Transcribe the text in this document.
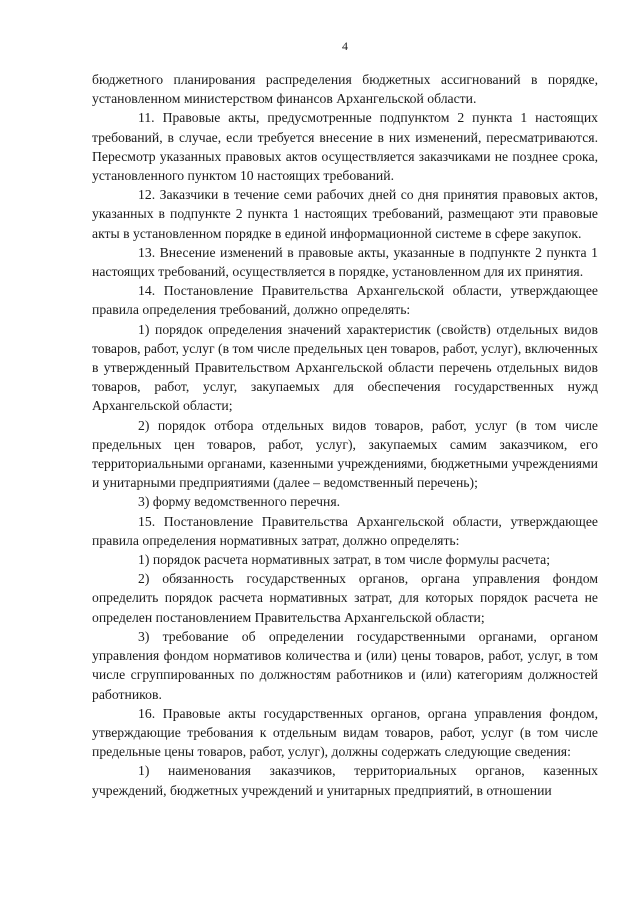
4

бюджетного планирования распределения бюджетных ассигнований в порядке, установленном министерством финансов Архангельской области.

11. Правовые акты, предусмотренные подпунктом 2 пункта 1 настоящих требований, в случае, если требуется внесение в них изменений, пересматриваются. Пересмотр указанных правовых актов осуществляется заказчиками не позднее срока, установленного пунктом 10 настоящих требований.

12. Заказчики в течение семи рабочих дней со дня принятия правовых актов, указанных в подпункте 2 пункта 1 настоящих требований, размещают эти правовые акты в установленном порядке в единой информационной системе в сфере закупок.

13. Внесение изменений в правовые акты, указанные в подпункте 2 пункта 1 настоящих требований, осуществляется в порядке, установленном для их принятия.

14. Постановление Правительства Архангельской области, утверждающее правила определения требований, должно определять:

1) порядок определения значений характеристик (свойств) отдельных видов товаров, работ, услуг (в том числе предельных цен товаров, работ, услуг), включенных в утвержденный Правительством Архангельской области перечень отдельных видов товаров, работ, услуг, закупаемых для обеспечения государственных нужд Архангельской области;

2) порядок отбора отдельных видов товаров, работ, услуг (в том числе предельных цен товаров, работ, услуг), закупаемых самим заказчиком, его территориальными органами, казенными учреждениями, бюджетными учреждениями и унитарными предприятиями (далее – ведомственный перечень);

3) форму ведомственного перечня.

15. Постановление Правительства Архангельской области, утверждающее правила определения нормативных затрат, должно определять:

1) порядок расчета нормативных затрат, в том числе формулы расчета;

2) обязанность государственных органов, органа управления фондом определить порядок расчета нормативных затрат, для которых порядок расчета не определен постановлением Правительства Архангельской области;

3) требование об определении государственными органами, органом управления фондом нормативов количества и (или) цены товаров, работ, услуг, в том числе сгруппированных по должностям работников и (или) категориям должностей работников.

16. Правовые акты государственных органов, органа управления фондом, утверждающие требования к отдельным видам товаров, работ, услуг (в том числе предельные цены товаров, работ, услуг), должны содержать следующие сведения:

1) наименования заказчиков, территориальных органов, казенных учреждений, бюджетных учреждений и унитарных предприятий, в отношении
